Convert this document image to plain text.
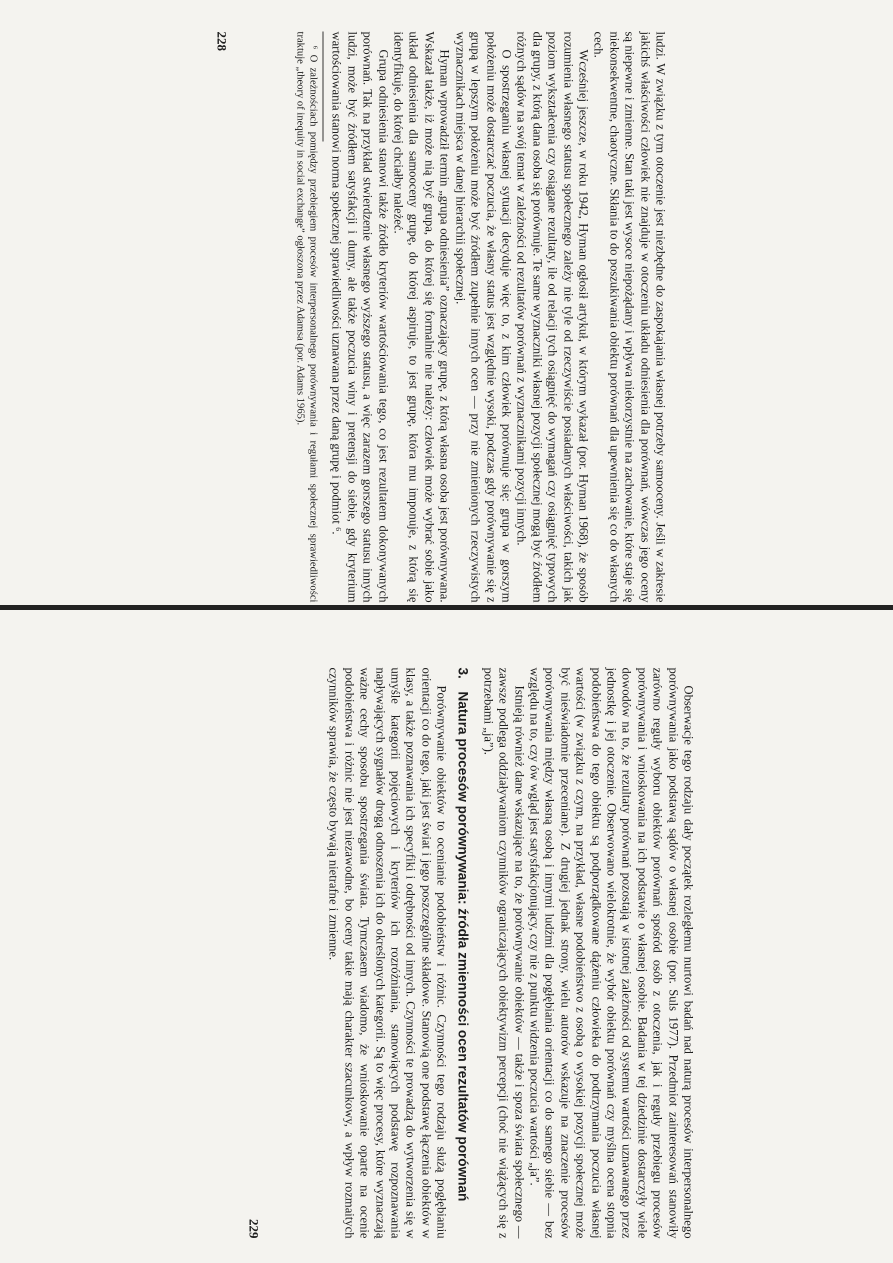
ludzi. W związku z tym otoczenie jest niezbędne do zaspokajania własnej potrzeby samooceny. Jeśli w zakresie jakichś właściwości człowiek nie znajduje w otoczeniu układu odniesienia dla porównań, wówczas jego oceny są niepewne i zmienne. Stan taki jest wysoce niepożądany i wpływa niekorzystnie na zachowanie, które staje się niekonsekwentne, chaotyczne. Skłania to do poszukiwania obiektu porównań dla upewnienia się co do własnych cech.

Wcześniej jeszcze, w roku 1942, Hyman ogłosił artykuł, w którym wykazał (por. Hyman 1968), że sposób rozumienia własnego statusu społecznego zależy nie tyle od rzeczywiście posiadanych właściwości, takich jak poziom wykształcenia czy osiągane rezultaty, ile od relacji tych osiągnięć do wymagań czy osiągnięć typowych dla grupy, z którą dana osoba się porównuje. Te same wyznaczniki własnej pozycji społecznej mogą być źródłem różnych sądów na swój temat w zależności od rezultatów porównań z wyznacznikami pozycji innych.

O spostrzeganiu własnej sytuacji decyduje więc to, z kim człowiek porównuje się: grupa w gorszym położeniu może dostarczać poczucia, że własny status jest względnie wysoki, podczas gdy porównywanie się z grupą w lepszym położeniu może być źródłem zupełnie innych ocen — przy nie zmienionych rzeczywistych wyznacznikach miejsca w danej hierarchii społecznej.

Hyman wprowadził termin „grupa odniesienia” oznaczający grupę, z którą własna osoba jest porównywana. Wskazał także, iż może nią być grupa, do której się formalnie nie należy: człowiek może wybrać sobie jako układ odniesienia dla samooceny grupę, do której aspiruje, to jest grupę, która mu imponuje, z którą się identyfikuje, do której chciałby należeć.

Grupa odniesienia stanowi także źródło kryteriów wartościowania tego, co jest rezultatem dokonywanych porównań. Tak na przykład stwierdzenie własnego wyższego statusu, a więc zarazem gorszego statusu innych ludzi, może być źródłem satysfakcji i dumy, ale także poczucia winy i pretensji do siebie, gdy kryterium wartościowania stanowi norma społecznej sprawiedliwości uznawana przez daną grupę i podmiot ⁶.

⁶ O zależnościach pomiędzy przebiegiem procesów interpersonalnego porównywania i regułami społecznej sprawiedliwości traktuje „theory of inequity in social exchange” ogłoszona przez Adamsa (por. Adams 1965).

228

Obserwacje tego rodzaju dały początek rozległemu nurtowi badań nad naturą procesów interpersonalnego porównywania jako podstawą sądów o własnej osobie (por. Suls 1977). Przedmiot zainteresowań stanowiły zarówno reguły wyboru obiektów porównań spośród osób z otoczenia, jak i reguły przebiegu procesów porównywania i wnioskowania na ich podstawie o własnej osobie. Badania w tej dziedzinie dostarczyły wiele dowodów na to, że rezultaty porównań pozostają w istotnej zależności od systemu wartości uznawanego przez jednostkę i jej otoczenie. Obserwowano wielokrotnie, że wybór obiektu porównań czy myślna ocena stopnia podobieństwa do tego obiektu są podporządkowane dążeniu człowieka do podtrzymania poczucia własnej wartości (w związku z czym, na przykład, własne podobieństwo z osobą o wysokiej pozycji społecznej może być nieświadomie przeceniane). Z drugiej jednak strony, wielu autorów wskazuje na znaczenie procesów porównywania między własną osobą i innymi ludźmi dla pogłębiania orientacji co do samego siebie — bez względu na to, czy ów wgląd jest satysfakcjonujący, czy nie z punktu widzenia poczucia wartości „ja”.

Istnieją również dane wskazujące na to, że porównywanie obiektów — także i spoza świata społecznego — zawsze podlega oddziaływaniom czynników ograniczających obiektywizm percepcji (choć nie wiążących się z potrzebami „ja”).

3.
Natura procesów porównywania: źródła zmienności ocen rezultatów porównań

Porównywanie obiektów to ocenianie podobieństw i różnic. Czynności tego rodzaju służą pogłębianiu orientacji co do tego, jaki jest świat i jego poszczególne składowe. Stanowią one podstawę łączenia obiektów w klasy, a także poznawania ich specyfiki i odrębności od innych. Czynności te prowadzą do wytworzenia się w umyśle kategorii pojęciowych i kryteriów ich rozróżniania, stanowiących podstawę rozpoznawania napływających sygnałów drogą odnoszenia ich do określonych kategorii. Są to więc procesy, które wyznaczają ważne cechy sposobu spostrzegania świata. Tymczasem wiadomo, że wnioskowanie oparte na ocenie podobieństwa i różnic nie jest niezawodne, bo oceny takie mają charakter szacunkowy, a wpływ rozmaitych czynników sprawia, że często bywają nietrafne i zmienne.

229
